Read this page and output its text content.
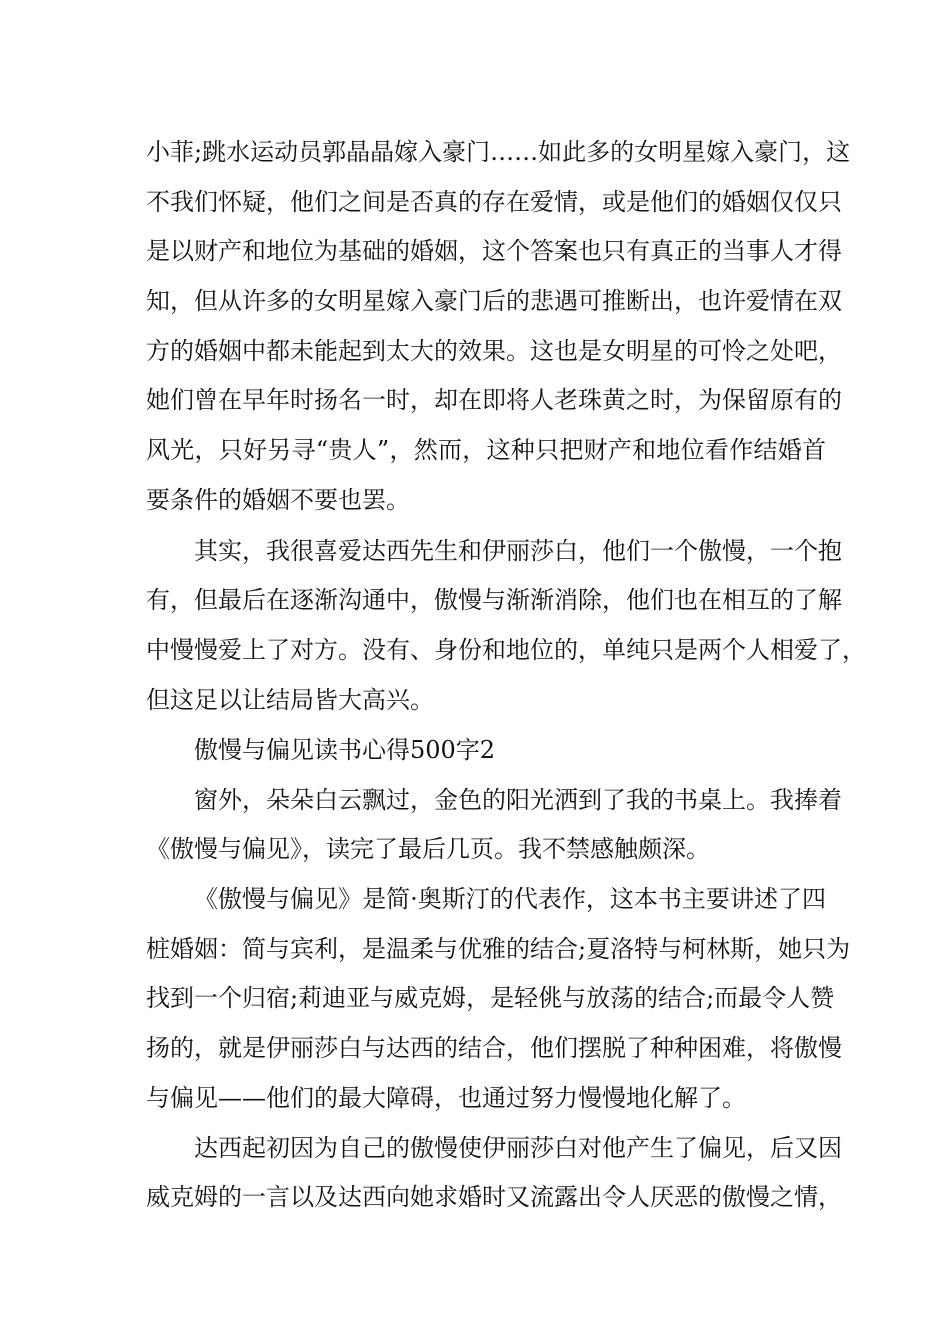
小菲;跳水运动员郭晶晶嫁入豪门……如此多的女明星嫁入豪门，这
不我们怀疑，他们之间是否真的存在爱情，或是他们的婚姻仅仅只
是以财产和地位为基础的婚姻，这个答案也只有真正的当事人才得
知，但从许多的女明星嫁入豪门后的悲遇可推断出，也许爱情在双
方的婚姻中都未能起到太大的效果。这也是女明星的可怜之处吧，
她们曾在早年时扬名一时，却在即将人老珠黄之时，为保留原有的
风光，只好另寻“贵人”，然而，这种只把财产和地位看作结婚首
要条件的婚姻不要也罢。
其实，我很喜爱达西先生和伊丽莎白，他们一个傲慢，一个抱
有，但最后在逐渐沟通中，傲慢与渐渐消除，他们也在相互的了解
中慢慢爱上了对方。没有、身份和地位的，单纯只是两个人相爱了，
但这足以让结局皆大高兴。
傲慢与偏见读书心得500字2
窗外，朵朵白云飘过，金色的阳光洒到了我的书桌上。我捧着
《傲慢与偏见》，读完了最后几页。我不禁感触颇深。
《傲慢与偏见》是简·奥斯汀的代表作，这本书主要讲述了四
桩婚姻：简与宾利，是温柔与优雅的结合;夏洛特与柯林斯，她只为
找到一个归宿;莉迪亚与威克姆，是轻佻与放荡的结合;而最令人赞
扬的，就是伊丽莎白与达西的结合，他们摆脱了种种困难，将傲慢
与偏见——他们的最大障碍，也通过努力慢慢地化解了。
达西起初因为自己的傲慢使伊丽莎白对他产生了偏见，后又因
威克姆的一言以及达西向她求婚时又流露出令人厌恶的傲慢之情，
